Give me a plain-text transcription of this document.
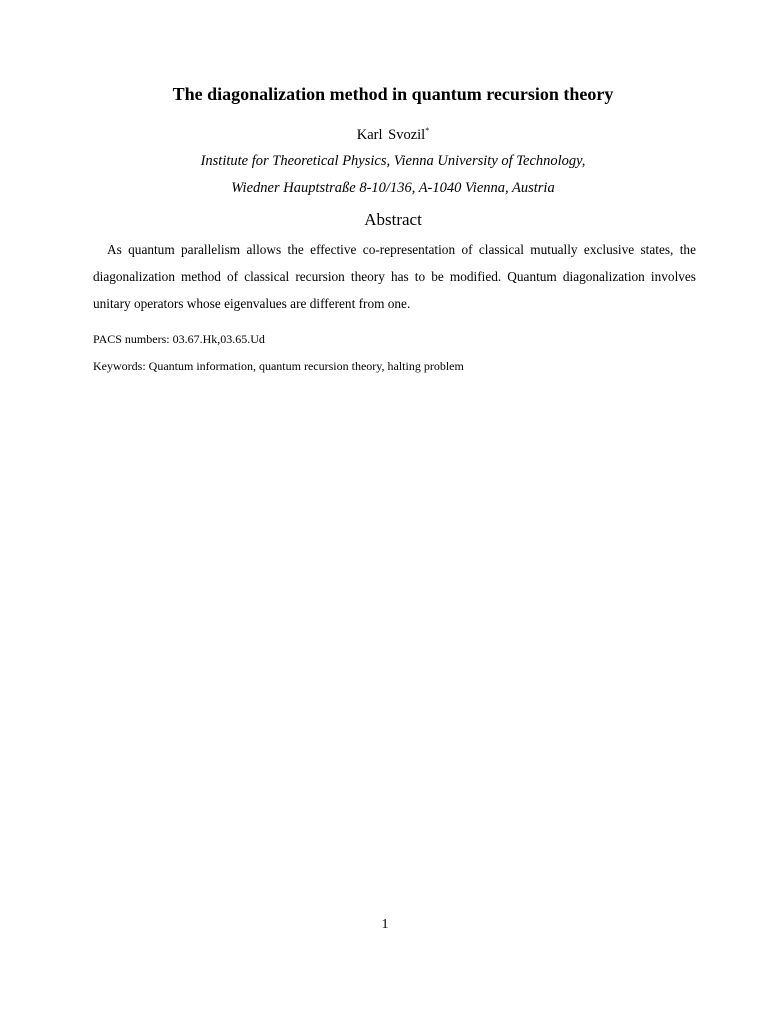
The diagonalization method in quantum recursion theory
Karl Svozil*
Institute for Theoretical Physics, Vienna University of Technology,
Wiedner Hauptstraße 8-10/136, A-1040 Vienna, Austria
Abstract
As quantum parallelism allows the effective co-representation of classical mutually exclusive states, the diagonalization method of classical recursion theory has to be modified. Quantum diagonalization involves unitary operators whose eigenvalues are different from one.
PACS numbers: 03.67.Hk,03.65.Ud
Keywords: Quantum information, quantum recursion theory, halting problem
1
